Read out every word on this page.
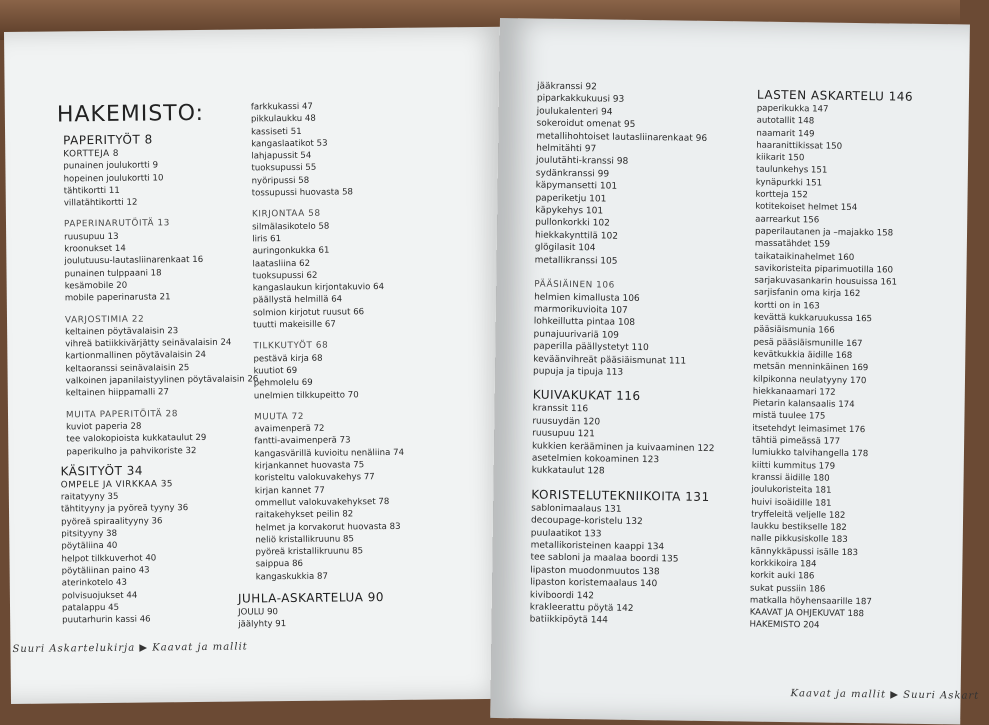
HAKEMISTO:
PAPERITYÖT 8
KORTTEJA 8
punainen joulukortti 9
hopeinen joulukortti 10
tähtikortti 11
villatähtikortti 12
PAPERINARUTÖITÄ 13
ruusupuu 13
kroonukset 14
joulutuusu-lautasliinarenkaat 16
punainen tulppaani 18
kesämobile 20
mobile paperinarusta 21
VARJOSTIMIA 22
keltainen pöytävalaisin 23
vihreä batiikkivärjätty seinävalaisin 24
kartionmallinen pöytävalaisin 24
keltaoranssi seinävalaisin 25
valkoinen japanilaistyylinen pöytävalaisin 26
keltainen hiippamalli 27
MUITA PAPERITÖITÄ 28
kuviot paperia 28
tee valokopioista kukkataulut 29
paperikulho ja pahvikoriste 32
KÄSITYÖT 34
OMPELE JA VIRKKAA 35
raitatyyny 35
tähtityyny ja pyöreä tyyny 36
pyöreä spiraalityyny 36
pitsityyny 38
pöytäliina 40
helpot tilkkuverhot 40
pöytäliinan paino 43
aterinkotelo 43
polvisuojukset 44
patalappu 45
puutarhurin kassi 46
farkkukassi 47
pikkulaukku 48
kassiseti 51
kangaslaatikot 53
lahjapussit 54
tuoksupussi 55
nyöripussi 58
tossupussi huovasta 58
KIRJONTAA 58
silmälasikotelo 58
liris 61
auringonkukka 61
laatasliina 62
tuoksupussi 62
kangaslaukun kirjontakuvio 64
päällystä helmillä 64
solmion kirjotut ruusut 66
tuutti makeisille 67
TILKKUTYÖT 68
pestävä kirja 68
kuutiot 69
pehmolelu 69
unelmien tilkkupeitto 70
MUUTA 72
avaimenperä 72
fantti-avaimenperä 73
kangasvärillä kuvioitu nenäliina 74
kirjankannet huovasta 75
koristeltu valokuvakehys 77
kirjan kannet 77
ommellut valokuvakehykset 78
raitakehykset peilin 82
helmet ja korvakorut huovasta 83
neliö kristallikruunu 85
pyöreä kristallikruunu 85
saippua 86
kangaskukkia 87
JUHLA-ASKARTELUA 90
JOULU 90
jäälyhty 91
Suuri Askartelukirja ▶ Kaavat ja mallit
jääkranssi 92
piparkakkukuusi 93
joulukalenteri 94
sokeroidut omenat 95
metallihohtoiset lautasliinarenkaat 96
helmitähti 97
joulutähti-kranssi 98
sydänkranssi 99
käpymansetti 101
paperiketju 101
käpykehys 101
pullonkorkki 102
hiekkakynttilä 102
glögilasit 104
metallikranssi 105
PÄÄSIÄINEN 106
helmien kimallusta 106
marmorikuvioita 107
lohkeillutta pintaa 108
punajuurivariä 109
paperilla päällystetyt 110
keväänvihreät pääsiäismunat 111
pupuja ja tipuja 113
KUIVAKUKAT 116
kranssit 116
ruusuydän 120
ruusupuu 121
kukkien kerääminen ja kuivaaminen 122
asetelmien kokoaminen 123
kukkataulut 128
KORISTELUTEKNIIKOITA 131
sablonimaalaus 131
decoupage-koristelu 132
puulaatikot 133
metallikoristeinen kaappi 134
tee sabloni ja maalaa boordi 135
lipaston muodonmuutos 138
lipaston koristemaalaus 140
kiviboordi 142
krakleerattu pöytä 142
batiikkipöytä 144
LASTEN ASKARTELU 146
paperikukka 147
autotallit 148
naamarit 149
haaranittikissat 150
kiikarit 150
taulunkehys 151
kynäpurkki 151
kortteja 152
kotitekoiset helmet 154
aarrearkut 156
paperilautanen ja –majakko 158
massatähdet 159
taikataikinahelmet 160
savikoristeita piparimuotilla 160
sarjakuvasankarin housuissa 161
sarjisfanin oma kirja 162
kortti on in 163
kevättä kukkaruukussa 165
pääsiäismunia 166
pesä pääsiäismunille 167
kevätkukkia äidille 168
metsän menninkäinen 169
kilpikonna neulatyyny 170
hiekkanaamari 172
Pietarin kalansaalis 174
mistä tuulee 175
itsetehdyt leimasimet 176
tähtiä pimeässä 177
lumiukko talvihangella 178
kiitti kummitus 179
kranssi äidille 180
joulukoristeita 181
huivi isoäidille 181
tryffeleitä veljelle 182
laukku bestikselle 182
nalle pikkusiskolle 183
kännykkäpussi isälle 183
korkkikoira 184
korkit auki 186
sukat pussiin 186
matkalla höyhensaarille 187
KAAVAT JA OHJEKUVAT 188
HAKEMISTO 204
Kaavat ja mallit ▶ Suuri Askart
